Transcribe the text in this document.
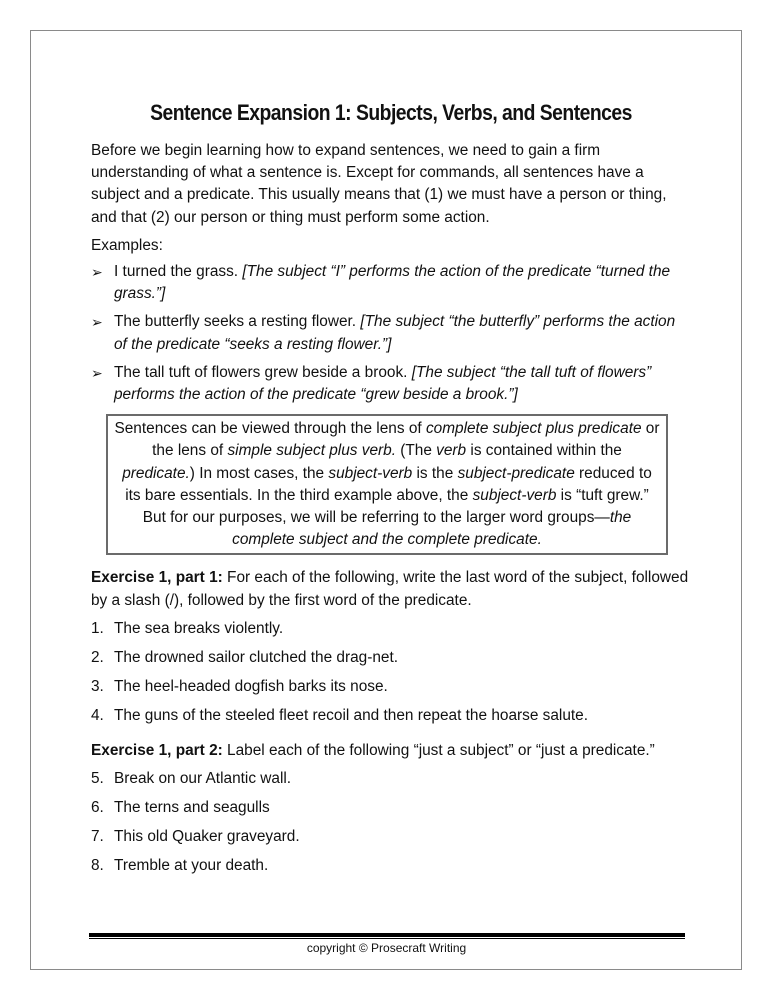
Sentence Expansion 1: Subjects, Verbs, and Sentences

Before we begin learning how to expand sentences, we need to gain a firm understanding of what a sentence is. Except for commands, all sentences have a subject and a predicate. This usually means that (1) we must have a person or thing, and that (2) our person or thing must perform some action.

Examples:

➢ I turned the grass. [The subject “I” performs the action of the predicate “turned the grass.”]
➢ The butterfly seeks a resting flower. [The subject “the butterfly” performs the action of the predicate “seeks a resting flower.”]
➢ The tall tuft of flowers grew beside a brook. [The subject “the tall tuft of flowers” performs the action of the predicate “grew beside a brook.”]
Sentences can be viewed through the lens of complete subject plus predicate or the lens of simple subject plus verb. (The verb is contained within the predicate.) In most cases, the subject-verb is the subject-predicate reduced to its bare essentials. In the third example above, the subject-verb is “tuft grew.” But for our purposes, we will be referring to the larger word groups—the complete subject and the complete predicate.

Exercise 1, part 1: For each of the following, write the last word of the subject, followed by a slash (/), followed by the first word of the predicate.

1. The sea breaks violently.
2. The drowned sailor clutched the drag-net.
3. The heel-headed dogfish barks its nose.
4. The guns of the steeled fleet recoil and then repeat the hoarse salute.

Exercise 1, part 2: Label each of the following “just a subject” or “just a predicate.”

5. Break on our Atlantic wall.
6. The terns and seagulls
7. This old Quaker graveyard.
8. Tremble at your death.
copyright © Prosecraft Writing
